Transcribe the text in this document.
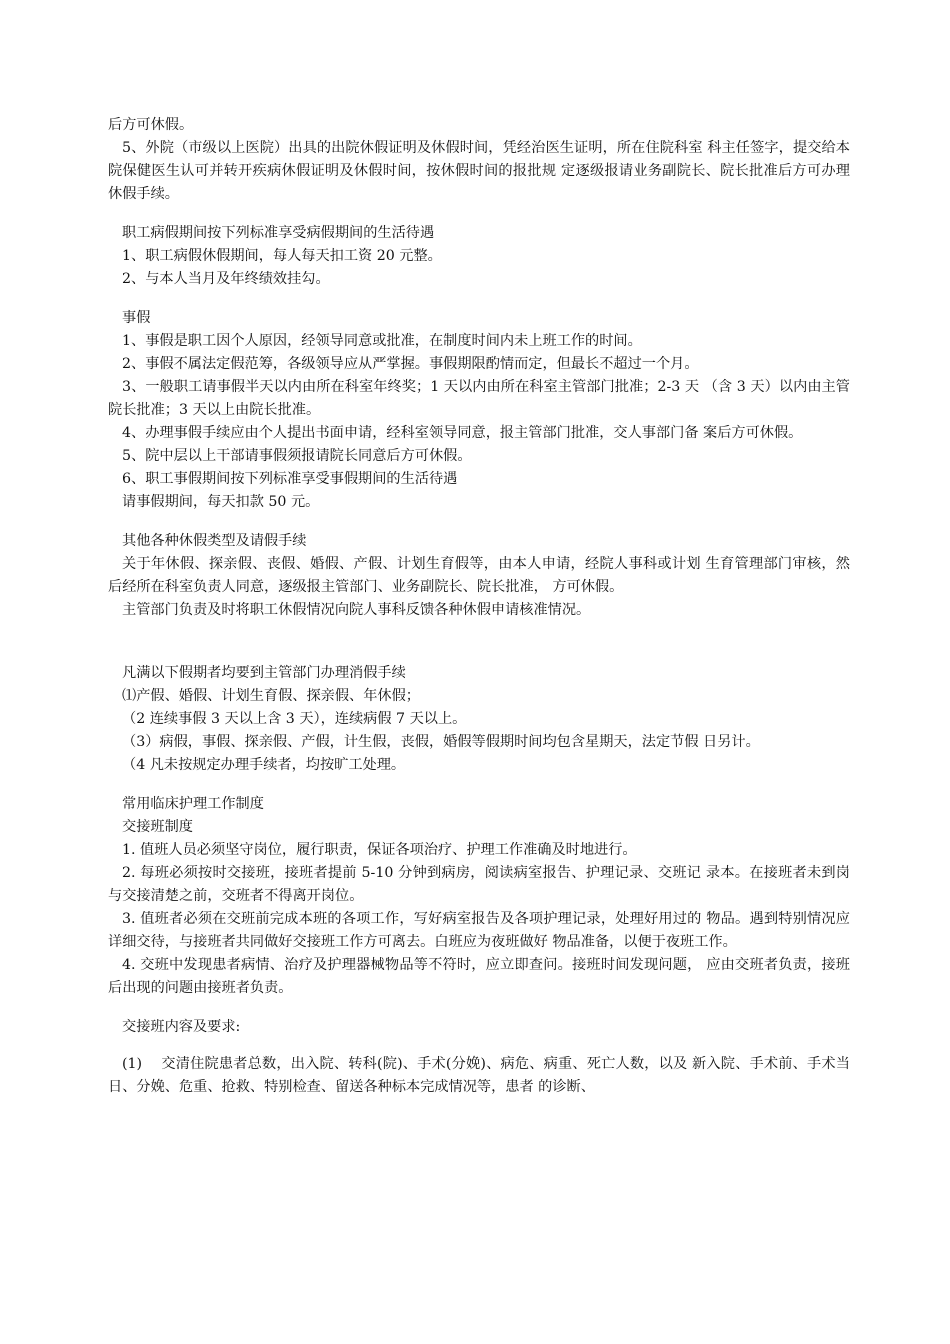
后方可休假。

5、外院（市级以上医院）出具的出院休假证明及休假时间，凭经治医生证明，所在住院科室 科主任签字，提交给本院保健医生认可并转开疾病休假证明及休假时间，按休假时间的报批规 定逐级报请业务副院长、院长批准后方可办理休假手续。

职工病假期间按下列标准享受病假期间的生活待遇

1、职工病假休假期间，每人每天扣工资 20 元整。

2、与本人当月及年终绩效挂勾。

事假

1、事假是职工因个人原因，经领导同意或批准，在制度时间内未上班工作的时间。

2、事假不属法定假范筹，各级领导应从严掌握。事假期限酌情而定，但最长不超过一个月。

3、一般职工请事假半天以内由所在科室年终奖；1 天以内由所在科室主管部门批准；2-3 天 （含 3 天）以内由主管院长批准；3 天以上由院长批准。

4、办理事假手续应由个人提出书面申请，经科室领导同意，报主管部门批准，交人事部门备 案后方可休假。

5、院中层以上干部请事假须报请院长同意后方可休假。

6、职工事假期间按下列标准享受事假期间的生活待遇

请事假期间，每天扣款 50 元。

其他各种休假类型及请假手续

关于年休假、探亲假、丧假、婚假、产假、计划生育假等，由本人申请，经院人事科或计划 生育管理部门审核，然后经所在科室负责人同意，逐级报主管部门、业务副院长、院长批准， 方可休假。

主管部门负责及时将职工休假情况向院人事科反馈各种休假申请核准情况。

凡满以下假期者均要到主管部门办理消假手续

⑴产假、婚假、计划生育假、探亲假、年休假；

（2 连续事假 3 天以上含 3 天），连续病假 7 天以上。

（3）病假，事假、探亲假、产假，计生假，丧假，婚假等假期时间均包含星期天，法定节假 日另计。

（4 凡未按规定办理手续者，均按旷工处理。

常用临床护理工作制度

交接班制度

1. 值班人员必须坚守岗位，履行职责，保证各项治疗、护理工作准确及时地进行。

2. 每班必须按时交接班，接班者提前 5-10 分钟到病房，阅读病室报告、护理记录、交班记 录本。在接班者未到岗与交接清楚之前，交班者不得离开岗位。

3. 值班者必须在交班前完成本班的各项工作，写好病室报告及各项护理记录，处理好用过的 物品。遇到特别情况应详细交待，与接班者共同做好交接班工作方可离去。白班应为夜班做好 物品准备，以便于夜班工作。

4. 交班中发现患者病情、治疗及护理器械物品等不符时，应立即查问。接班时间发现问题， 应由交班者负责，接班后出现的问题由接班者负责。

交接班内容及要求:

(1)　 交清住院患者总数，出入院、转科(院)、手术(分娩)、病危、病重、死亡人数，以及 新入院、手术前、手术当日、分娩、危重、抢救、特别检查、留送各种标本完成情况等，患者 的诊断、
